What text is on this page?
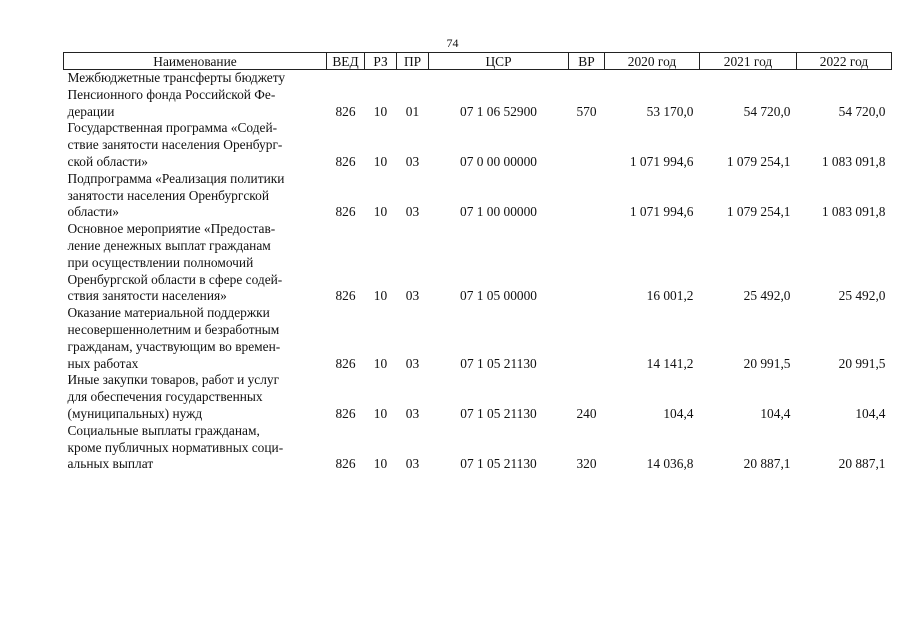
74
Наименование	ВЕД	РЗ	ПР	ЦСР	ВР	2020 год	2021 год	2022 год

Межбюджетные трансферты бюджету
Пенсионного фонда Российской Фе-
дерации	826	10	01	07 1 06 52900	570	53 170,0	54 720,0	54 720,0

Государственная программа «Содей-
ствие занятости населения Оренбург-
ской области»	826	10	03	07 0 00 00000		1 071 994,6	1 079 254,1	1 083 091,8

Подпрограмма «Реализация политики
занятости населения Оренбургской
области»	826	10	03	07 1 00 00000		1 071 994,6	1 079 254,1	1 083 091,8

Основное мероприятие «Предостав-
ление денежных выплат гражданам
при осуществлении полномочий
Оренбургской области в сфере содей-
ствия занятости населения»	826	10	03	07 1 05 00000		16 001,2	25 492,0	25 492,0

Оказание материальной поддержки
несовершеннолетним и безработным
гражданам, участвующим во времен-
ных работах	826	10	03	07 1 05 21130		14 141,2	20 991,5	20 991,5

Иные закупки товаров, работ и услуг
для обеспечения государственных
(муниципальных) нужд	826	10	03	07 1 05 21130	240	104,4	104,4	104,4

Социальные выплаты гражданам,
кроме публичных нормативных соци-
альных выплат	826	10	03	07 1 05 21130	320	14 036,8	20 887,1	20 887,1
